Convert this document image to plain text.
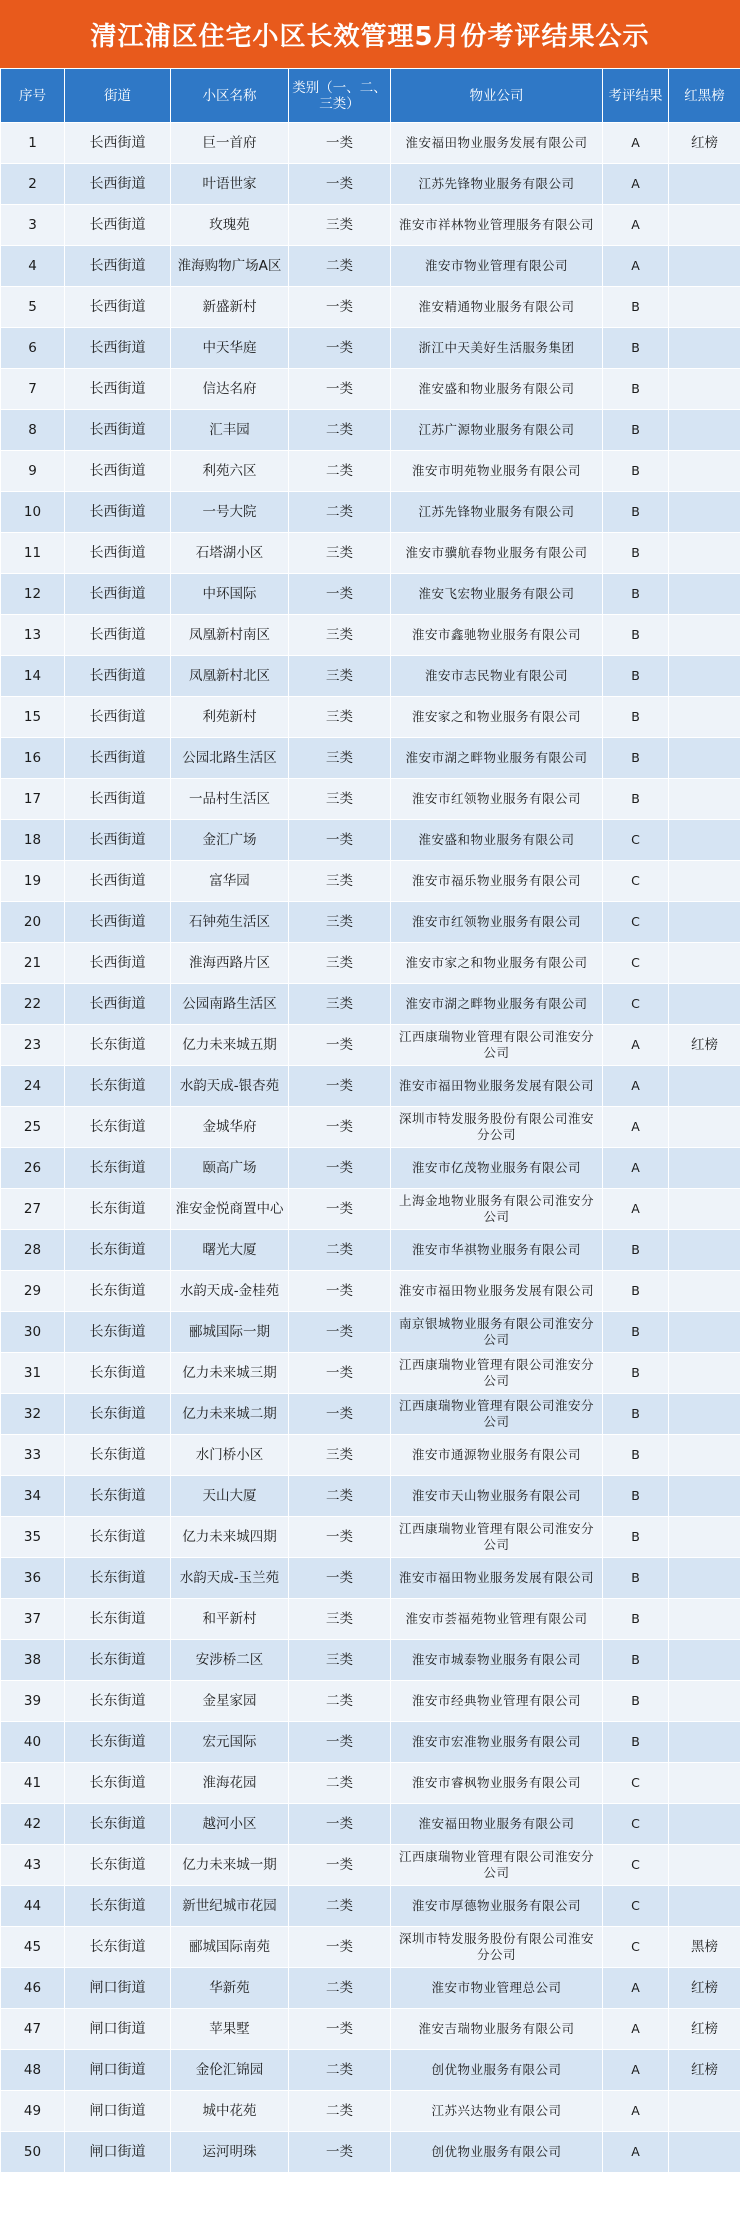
清江浦区住宅小区长效管理5月份考评结果公示
序号	街道	小区名称	类别（一、二、三类）	物业公司	考评结果	红黑榜
1	长西街道	巨一首府	一类	淮安福田物业服务发展有限公司	A	红榜
2	长西街道	叶语世家	一类	江苏先锋物业服务有限公司	A	
3	长西街道	玫瑰苑	三类	淮安市祥林物业管理服务有限公司	A	
4	长西街道	淮海购物广场A区	二类	淮安市物业管理有限公司	A	
5	长西街道	新盛新村	一类	淮安精通物业服务有限公司	B	
6	长西街道	中天华庭	一类	浙江中天美好生活服务集团	B	
7	长西街道	信达名府	一类	淮安盛和物业服务有限公司	B	
8	长西街道	汇丰园	二类	江苏广源物业服务有限公司	B	
9	长西街道	利苑六区	二类	淮安市明苑物业服务有限公司	B	
10	长西街道	一号大院	二类	江苏先锋物业服务有限公司	B	
11	长西街道	石塔湖小区	三类	淮安市骥航春物业服务有限公司	B	
12	长西街道	中环国际	一类	淮安飞宏物业服务有限公司	B	
13	长西街道	凤凰新村南区	三类	淮安市鑫驰物业服务有限公司	B	
14	长西街道	凤凰新村北区	三类	淮安市志民物业有限公司	B	
15	长西街道	利苑新村	三类	淮安家之和物业服务有限公司	B	
16	长西街道	公园北路生活区	三类	淮安市湖之畔物业服务有限公司	B	
17	长西街道	一品村生活区	三类	淮安市红领物业服务有限公司	B	
18	长西街道	金汇广场	一类	淮安盛和物业服务有限公司	C	
19	长西街道	富华园	三类	淮安市福乐物业服务有限公司	C	
20	长西街道	石钟苑生活区	三类	淮安市红领物业服务有限公司	C	
21	长西街道	淮海西路片区	三类	淮安市家之和物业服务有限公司	C	
22	长西街道	公园南路生活区	三类	淮安市湖之畔物业服务有限公司	C	
23	长东街道	亿力未来城五期	一类	江西康瑞物业管理有限公司淮安分公司	A	红榜
24	长东街道	水韵天成-银杏苑	一类	淮安市福田物业服务发展有限公司	A	
25	长东街道	金城华府	一类	深圳市特发服务股份有限公司淮安分公司	A	
26	长东街道	颐高广场	一类	淮安市亿茂物业服务有限公司	A	
27	长东街道	淮安金悦商置中心	一类	上海金地物业服务有限公司淮安分公司	A	
28	长东街道	曙光大厦	二类	淮安市华祺物业服务有限公司	B	
29	长东街道	水韵天成-金桂苑	一类	淮安市福田物业服务发展有限公司	B	
30	长东街道	郦城国际一期	一类	南京银城物业服务有限公司淮安分公司	B	
31	长东街道	亿力未来城三期	一类	江西康瑞物业管理有限公司淮安分公司	B	
32	长东街道	亿力未来城二期	一类	江西康瑞物业管理有限公司淮安分公司	B	
33	长东街道	水门桥小区	三类	淮安市通源物业服务有限公司	B	
34	长东街道	天山大厦	二类	淮安市天山物业服务有限公司	B	
35	长东街道	亿力未来城四期	一类	江西康瑞物业管理有限公司淮安分公司	B	
36	长东街道	水韵天成-玉兰苑	一类	淮安市福田物业服务发展有限公司	B	
37	长东街道	和平新村	三类	淮安市荟福苑物业管理有限公司	B	
38	长东街道	安涉桥二区	三类	淮安市城泰物业服务有限公司	B	
39	长东街道	金星家园	二类	淮安市经典物业管理有限公司	B	
40	长东街道	宏元国际	一类	淮安市宏准物业服务有限公司	B	
41	长东街道	淮海花园	二类	淮安市睿枫物业服务有限公司	C	
42	长东街道	越河小区	一类	淮安福田物业服务有限公司	C	
43	长东街道	亿力未来城一期	一类	江西康瑞物业管理有限公司淮安分公司	C	
44	长东街道	新世纪城市花园	二类	淮安市厚德物业服务有限公司	C	
45	长东街道	郦城国际南苑	一类	深圳市特发服务股份有限公司淮安分公司	C	黑榜
46	闸口街道	华新苑	二类	淮安市物业管理总公司	A	红榜
47	闸口街道	苹果墅	一类	淮安吉瑞物业服务有限公司	A	红榜
48	闸口街道	金伦汇锦园	二类	创优物业服务有限公司	A	红榜
49	闸口街道	城中花苑	二类	江苏兴达物业有限公司	A	
50	闸口街道	运河明珠	一类	创优物业服务有限公司	A	
